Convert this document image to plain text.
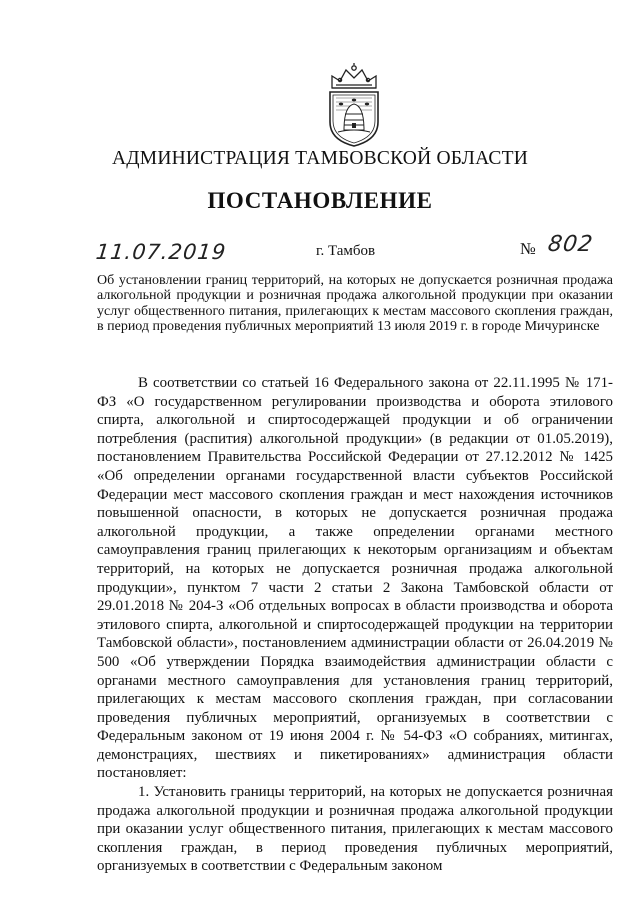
АДМИНИСТРАЦИЯ ТАМБОВСКОЙ ОБЛАСТИ
ПОСТАНОВЛЕНИЕ
11.07.2019	г. Тамбов	№ 802

Об установлении границ территорий, на которых не допускается розничная продажа алкогольной продукции и розничная продажа алкогольной продукции при оказании услуг общественного питания, прилегающих к местам массового скопления граждан, в период проведения публичных мероприятий 13 июля 2019 г. в городе Мичуринске

В соответствии со статьей 16 Федерального закона от 22.11.1995 № 171-ФЗ «О государственном регулировании производства и оборота этилового спирта, алкогольной и спиртосодержащей продукции и об ограничении потребления (распития) алкогольной продукции» (в редакции от 01.05.2019), постановлением Правительства Российской Федерации от 27.12.2012 № 1425 «Об определении органами государственной власти субъектов Российской Федерации мест массового скопления граждан и мест нахождения источников повышенной опасности, в которых не допускается розничная продажа алкогольной продукции, а также определении органами местного самоуправления границ прилегающих к некоторым организациям и объектам территорий, на которых не допускается розничная продажа алкогольной продукции», пунктом 7 части 2 статьи 2 Закона Тамбовской области от 29.01.2018 № 204-З «Об отдельных вопросах в области производства и оборота этилового спирта, алкогольной и спиртосодержащей продукции на территории Тамбовской области», постановлением администрации области от 26.04.2019 № 500 «Об утверждении Порядка взаимодействия администрации области с органами местного самоуправления для установления границ территорий, прилегающих к местам массового скопления граждан, при согласовании проведения публичных мероприятий, организуемых в соответствии с Федеральным законом от 19 июня 2004 г. № 54-ФЗ «О собраниях, митингах, демонстрациях, шествиях и пикетированиях» администрация области постановляет:

1. Установить границы территорий, на которых не допускается розничная продажа алкогольной продукции и розничная продажа алкогольной продукции при оказании услуг общественного питания, прилегающих к местам массового скопления граждан, в период проведения публичных мероприятий, организуемых в соответствии с Федеральным законом
